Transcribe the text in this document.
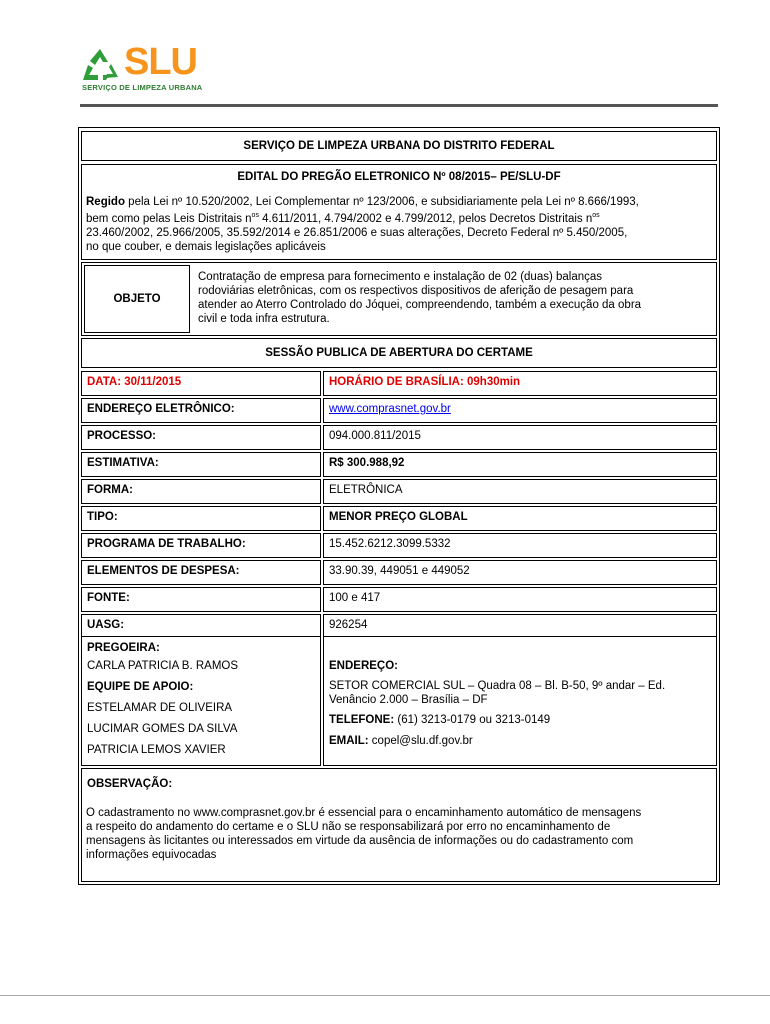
SLU
SERVIÇO DE LIMPEZA URBANA
SERVIÇO DE LIMPEZA URBANA DO DISTRITO FEDERAL
EDITAL DO PREGÃO ELETRONICO Nº 08/2015– PE/SLU-DF
Regido pela Lei nº 10.520/2002, Lei Complementar nº 123/2006, e subsidiariamente pela Lei nº 8.666/1993,
bem como pelas Leis Distritais $n^{os}$ 4.611/2011, 4.794/2002 e 4.799/2012, pelos Decretos Distritais $n^{os}$
23.460/2002, 25.966/2005, 35.592/2014 e 26.851/2006 e suas alterações, Decreto Federal nº 5.450/2005,
no que couber, e demais legislações aplicáveis
OBJETO
Contratação de empresa para fornecimento e instalação de 02 (duas) balanças
rodoviárias eletrônicas, com os respectivos dispositivos de aferição de pesagem para
atender ao Aterro Controlado do Jóquei, compreendendo, também a execução da obra
civil e toda infra estrutura.
SESSÃO PUBLICA DE ABERTURA DO CERTAME
DATA: 30/11/2015	HORÁRIO DE BRASÍLIA: 09h30min
ENDEREÇO ELETRÔNICO:	www.comprasnet.gov.br
PROCESSO:	094.000.811/2015
ESTIMATIVA:	R$ 300.988,92
FORMA:	ELETRÔNICA
TIPO:	MENOR PREÇO GLOBAL
PROGRAMA DE TRABALHO:	15.452.6212.3099.5332
ELEMENTOS DE DESPESA:	33.90.39, 449051 e 449052
FONTE:	100 e 417
UASG:	926254
PREGOEIRA:
CARLA PATRICIA B. RAMOS
EQUIPE DE APOIO:
ESTELAMAR DE OLIVEIRA
LUCIMAR GOMES DA SILVA
PATRICIA LEMOS XAVIER
ENDEREÇO:
SETOR COMERCIAL SUL – Quadra 08 – Bl. B-50, 9º andar – Ed.
Venâncio 2.000 – Brasília – DF
TELEFONE: (61) 3213-0179 ou 3213-0149
EMAIL: copel@slu.df.gov.br
OBSERVAÇÃO:
O cadastramento no www.comprasnet.gov.br é essencial para o encaminhamento automático de mensagens
a respeito do andamento do certame e o SLU não se responsabilizará por erro no encaminhamento de
mensagens às licitantes ou interessados em virtude da ausência de informações ou do cadastramento com
informações equivocadas
